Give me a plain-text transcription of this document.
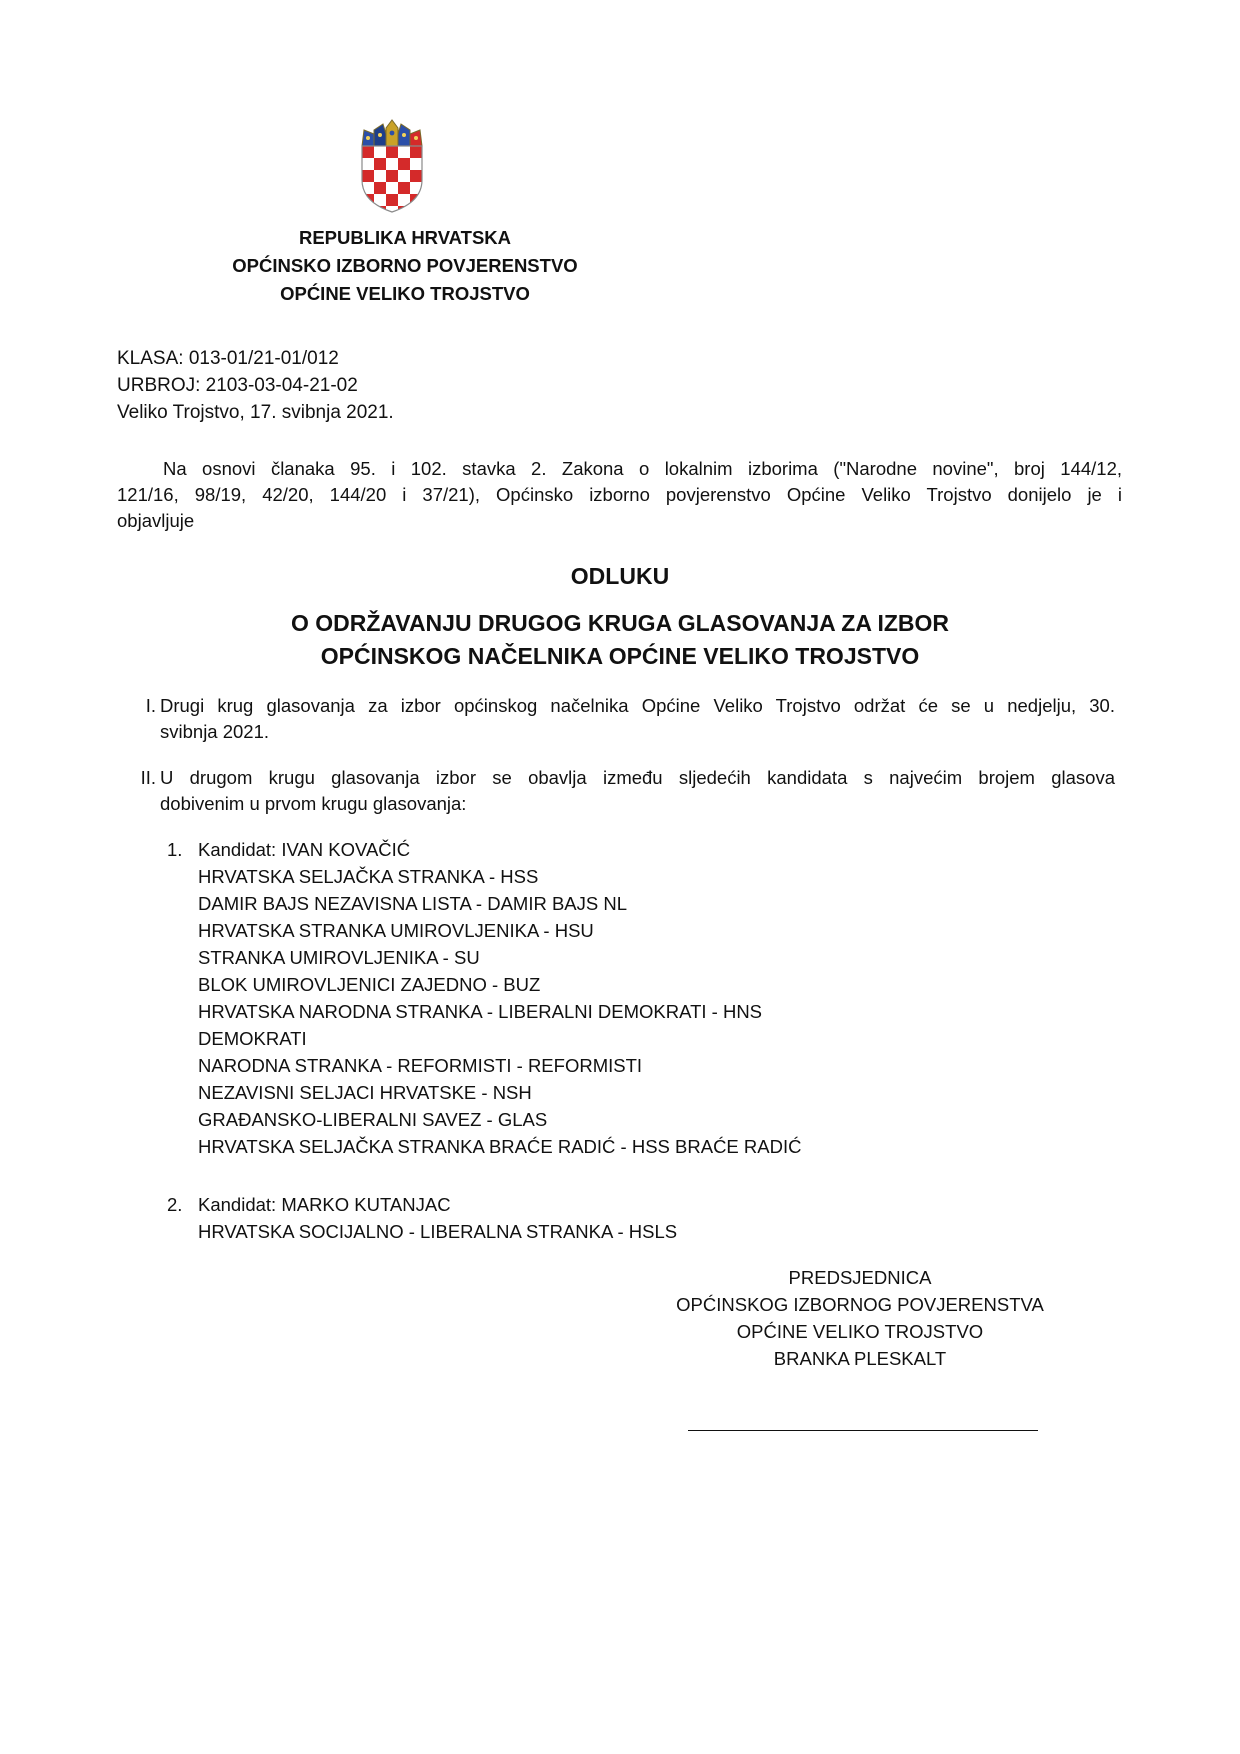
REPUBLIKA HRVATSKA
OPĆINSKO IZBORNO POVJERENSTVO
OPĆINE VELIKO TROJSTVO
KLASA: 013-01/21-01/012
URBROJ: 2103-03-04-21-02
Veliko Trojstvo, 17. svibnja 2021.
Na osnovi članaka 95. i 102. stavka 2. Zakona o lokalnim izborima ("Narodne novine", broj 144/12,
121/16, 98/19, 42/20, 144/20 i 37/21), Općinsko izborno povjerenstvo Općine Veliko Trojstvo donijelo je i
objavljuje
ODLUKU
O ODRŽAVANJU DRUGOG KRUGA GLASOVANJA ZA IZBOR
OPĆINSKOG NAČELNIKA OPĆINE VELIKO TROJSTVO
I. Drugi krug glasovanja za izbor općinskog načelnika Općine Veliko Trojstvo održat će se u nedjelju, 30.
svibnja 2021.
II. U drugom krugu glasovanja izbor se obavlja između sljedećih kandidata s najvećim brojem glasova
dobivenim u prvom krugu glasovanja:
1. Kandidat: IVAN KOVAČIĆ
HRVATSKA SELJAČKA STRANKA - HSS
DAMIR BAJS NEZAVISNA LISTA - DAMIR BAJS NL
HRVATSKA STRANKA UMIROVLJENIKA - HSU
STRANKA UMIROVLJENIKA - SU
BLOK UMIROVLJENICI ZAJEDNO - BUZ
HRVATSKA NARODNA STRANKA - LIBERALNI DEMOKRATI - HNS
DEMOKRATI
NARODNA STRANKA - REFORMISTI - REFORMISTI
NEZAVISNI SELJACI HRVATSKE - NSH
GRAĐANSKO-LIBERALNI SAVEZ - GLAS
HRVATSKA SELJAČKA STRANKA BRAĆE RADIĆ - HSS BRAĆE RADIĆ
2. Kandidat: MARKO KUTANJAC
HRVATSKA SOCIJALNO - LIBERALNA STRANKA - HSLS
PREDSJEDNICA
OPĆINSKOG IZBORNOG POVJERENSTVA
OPĆINE VELIKO TROJSTVO
BRANKA PLESKALT
